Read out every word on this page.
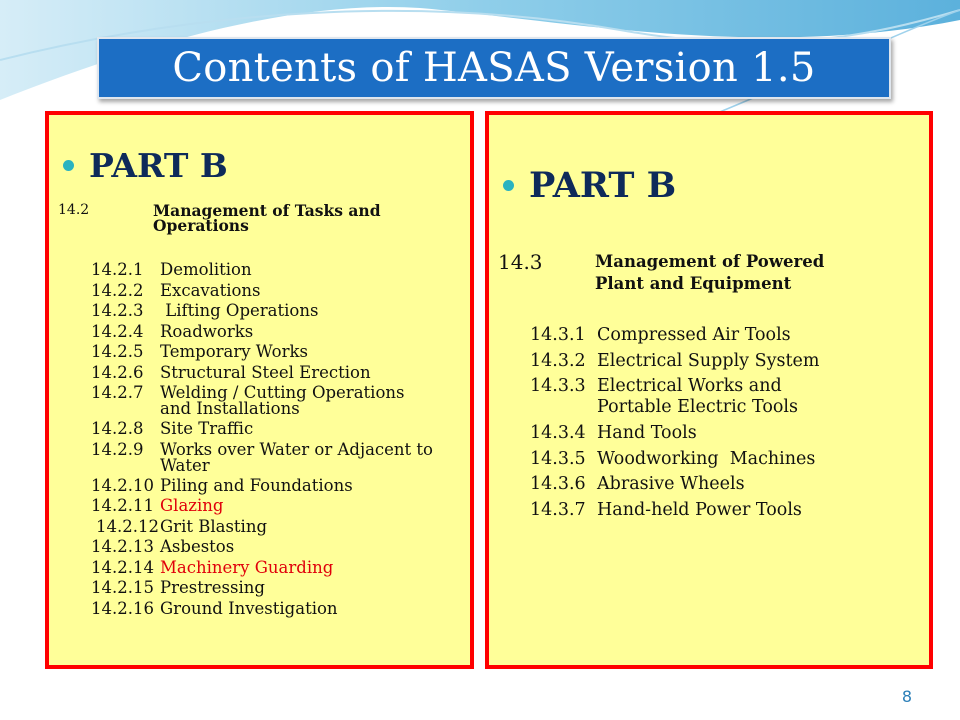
Contents of HASAS Version 1.5
PART B
14.2	Management of Tasks and
Operations
14.2.1	Demolition
14.2.2	Excavations
14.2.3	Lifting Operations
14.2.4	Roadworks
14.2.5	Temporary Works
14.2.6	Structural Steel Erection
14.2.7	Welding / Cutting Operations
and Installations
14.2.8	Site Traffic
14.2.9	Works over Water or Adjacent to
Water
14.2.10 Piling and Foundations
14.2.11 Glazing
14.2.12 Grit Blasting
14.2.13 Asbestos
14.2.14 Machinery Guarding
14.2.15 Prestressing
14.2.16 Ground Investigation
PART B
14.3	Management of Powered
Plant and Equipment
14.3.1 Compressed Air Tools
14.3.2 Electrical Supply System
14.3.3 Electrical Works and
Portable Electric Tools
14.3.4 Hand Tools
14.3.5 Woodworking  Machines
14.3.6 Abrasive Wheels
14.3.7 Hand-held Power Tools
8
